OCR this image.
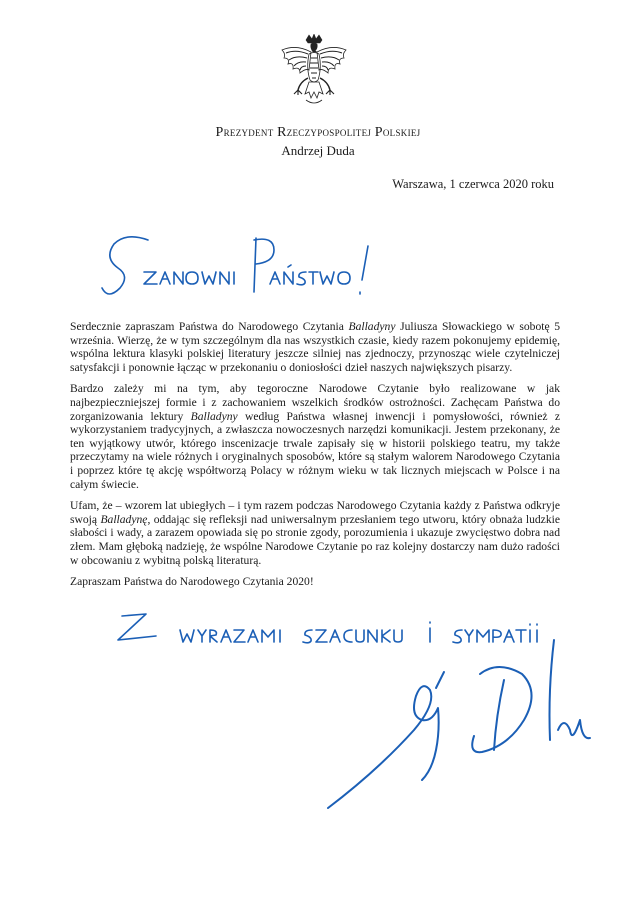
Prezydent Rzeczypospolitej Polskiej
Andrzej Duda
Warszawa, 1 czerwca 2020 roku

Serdecznie zapraszam Państwa do Narodowego Czytania Balladyny Juliusza Słowackiego w sobotę 5 września. Wierzę, że w tym szczególnym dla nas wszystkich czasie, kiedy razem pokonujemy epidemię, wspólna lektura klasyki polskiej literatury jeszcze silniej nas zjednoczy, przynosząc wiele czytelniczej satysfakcji i ponownie łącząc w przekonaniu o doniosłości dzieł naszych największych pisarzy.

Bardzo zależy mi na tym, aby tegoroczne Narodowe Czytanie było realizowane w jak najbezpieczniejszej formie i z zachowaniem wszelkich środków ostrożności. Zachęcam Państwa do zorganizowania lektury Balladyny według Państwa własnej inwencji i pomysłowości, również z wykorzystaniem tradycyjnych, a zwłaszcza nowoczesnych narzędzi komunikacji. Jestem przekonany, że ten wyjątkowy utwór, którego inscenizacje trwale zapisały się w historii polskiego teatru, my także przeczytamy na wiele różnych i oryginalnych sposobów, które są stałym walorem Narodowego Czytania i poprzez które tę akcję współtworzą Polacy w różnym wieku w tak licznych miejscach w Polsce i na całym świecie.

Ufam, że – wzorem lat ubiegłych – i tym razem podczas Narodowego Czytania każdy z Państwa odkryje swoją Balladynę, oddając się refleksji nad uniwersalnym przesłaniem tego utworu, który obnaża ludzkie słabości i wady, a zarazem opowiada się po stronie zgody, porozumienia i ukazuje zwycięstwo dobra nad złem. Mam głęboką nadzieję, że wspólne Narodowe Czytanie po raz kolejny dostarczy nam dużo radości w obcowaniu z wybitną polską literaturą.

Zapraszam Państwa do Narodowego Czytania 2020!
